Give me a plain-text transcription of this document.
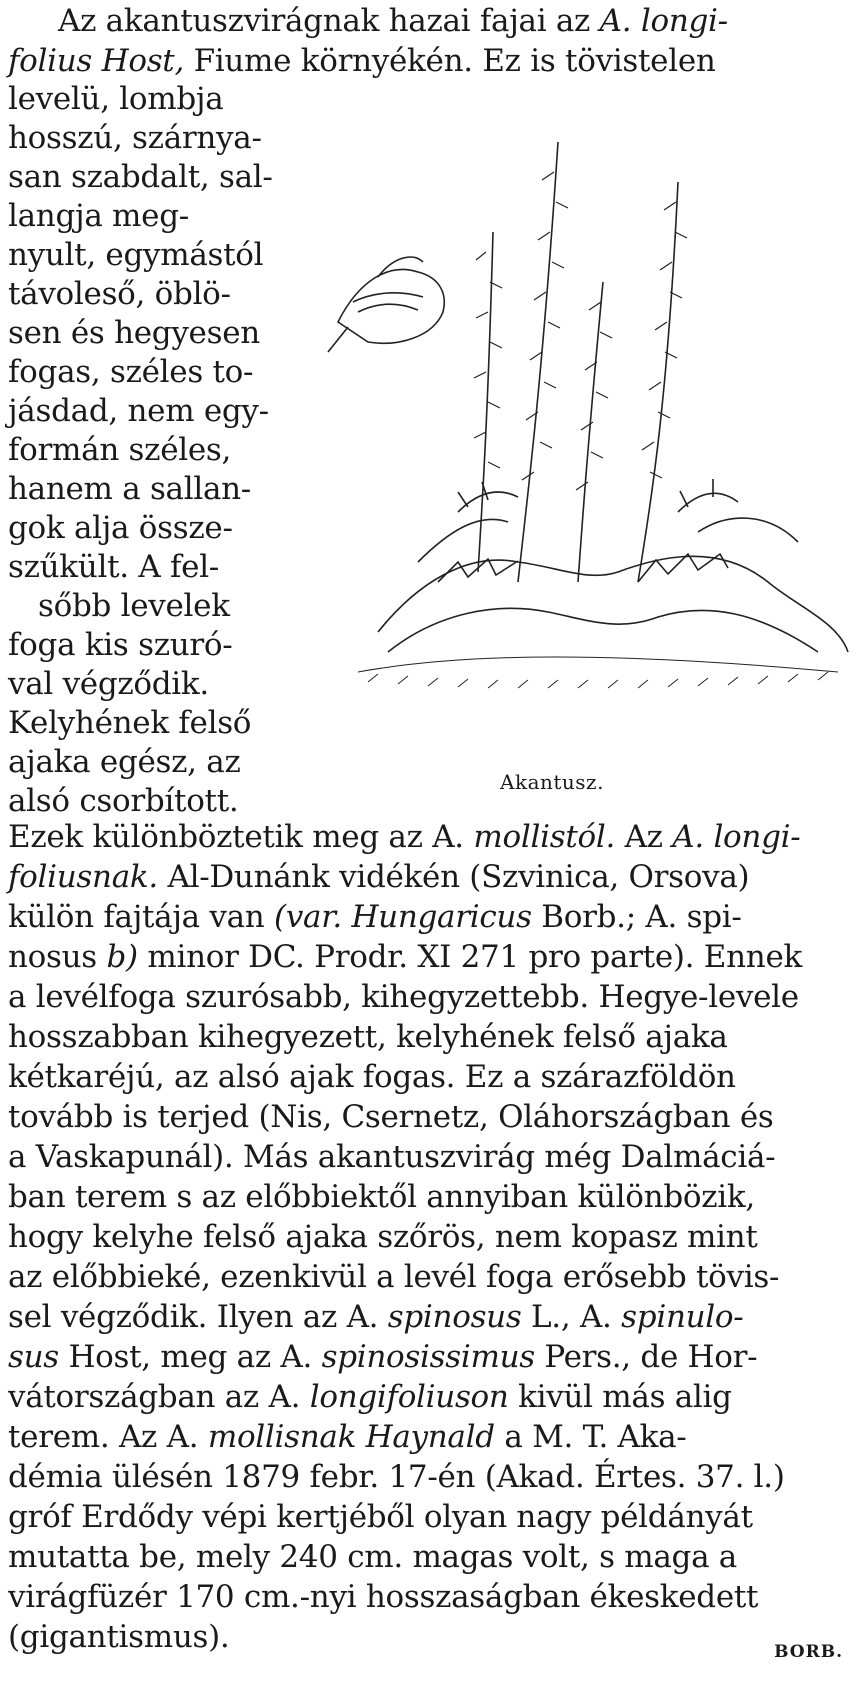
Az akantuszvirágnak hazai fajai az A. longi-
folius Host, Fiume környékén. Ez is tövistelen
levelü, lombja
hosszú, szárnya-
san szabdalt, sal-
langja meg-
nyult, egymástól
távoleső, öblö-
sen és hegyesen
fogas, széles to-
jásdad, nem egy-
formán széles,
hanem a sallan-
gok alja össze-
szűkült. A fel-
sőbb levelek
foga kis szuró-
val végződik.
Kelyhének felső
ajaka egész, az
alsó csorbított.
Akantusz.
Ezek különböztetik meg az A. mollistól. Az A. longi-
foliusnak. Al-Dunánk vidékén (Szvinica, Orsova)
külön fajtája van (var. Hungaricus Borb.; A. spi-
nosus b) minor DC. Prodr. XI 271 pro parte). Ennek
a levélfoga szurósabb, kihegyzettebb. Hegye-levele
hosszabban kihegyezett, kelyhének felső ajaka
kétkaréjú, az alsó ajak fogas. Ez a szárazföldön
tovább is terjed (Nis, Csernetz, Oláhországban és
a Vaskapunál). Más akantuszvirág még Dalmáciá-
ban terem s az előbbiektől annyiban különbözik,
hogy kelyhe felső ajaka szőrös, nem kopasz mint
az előbbieké, ezenkivül a levél foga erősebb tövis-
sel végződik. Ilyen az A. spinosus L., A. spinulo-
sus Host, meg az A. spinosissimus Pers., de Hor-
vátországban az A. longifoliuson kivül más alig
terem. Az A. mollisnak Haynald a M. T. Aka-
démia ülésén 1879 febr. 17-én (Akad. Értes. 37. l.)
gróf Erdődy vépi kertjéből olyan nagy példányát
mutatta be, mely 240 cm. magas volt, s maga a
virágfüzér 170 cm.-nyi hosszaságban ékeskedett
(gigantismus).	BORB.
